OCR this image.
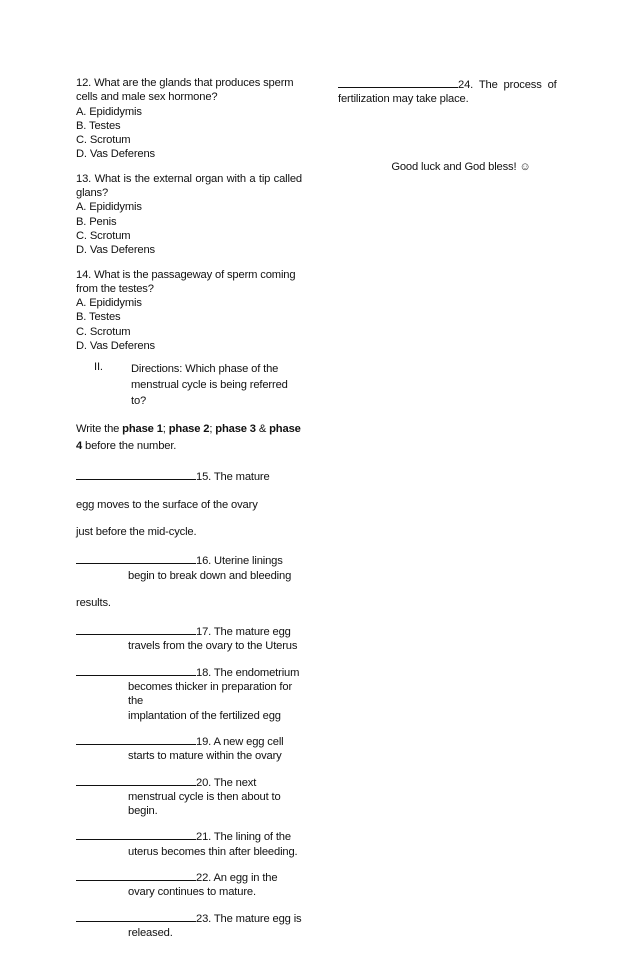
12. What are the glands that produces sperm cells and male sex hormone?

A. Epididymis

B. Testes

C. Scrotum

D. Vas Deferens

13. What is the external organ with a tip called glans?

A. Epididymis

B. Penis

C. Scrotum

D. Vas Deferens

14. What is the passageway of sperm coming from the testes?

A. Epididymis

B. Testes

C. Scrotum

D. Vas Deferens

II.	Directions: Which phase of the menstrual cycle is being referred to?

Write the phase 1; phase 2; phase 3 & phase 4 before the number.

15. The mature

egg moves to the surface of the ovary

just before the mid-cycle.

16. Uterine linings

begin to break down and bleeding

results.

17. The mature egg

travels from the ovary to the Uterus

18. The endometrium

becomes thicker in preparation for the

implantation of the fertilized egg

19. A new egg cell

starts to mature within the ovary

20. The next

menstrual cycle is then about to

begin.

21. The lining of the

uterus becomes thin after bleeding.

22. An egg in the

ovary continues to mature.

23. The mature egg is

released.

24.  The  process  of

fertilization may take place.

Good luck and God bless! ☺
